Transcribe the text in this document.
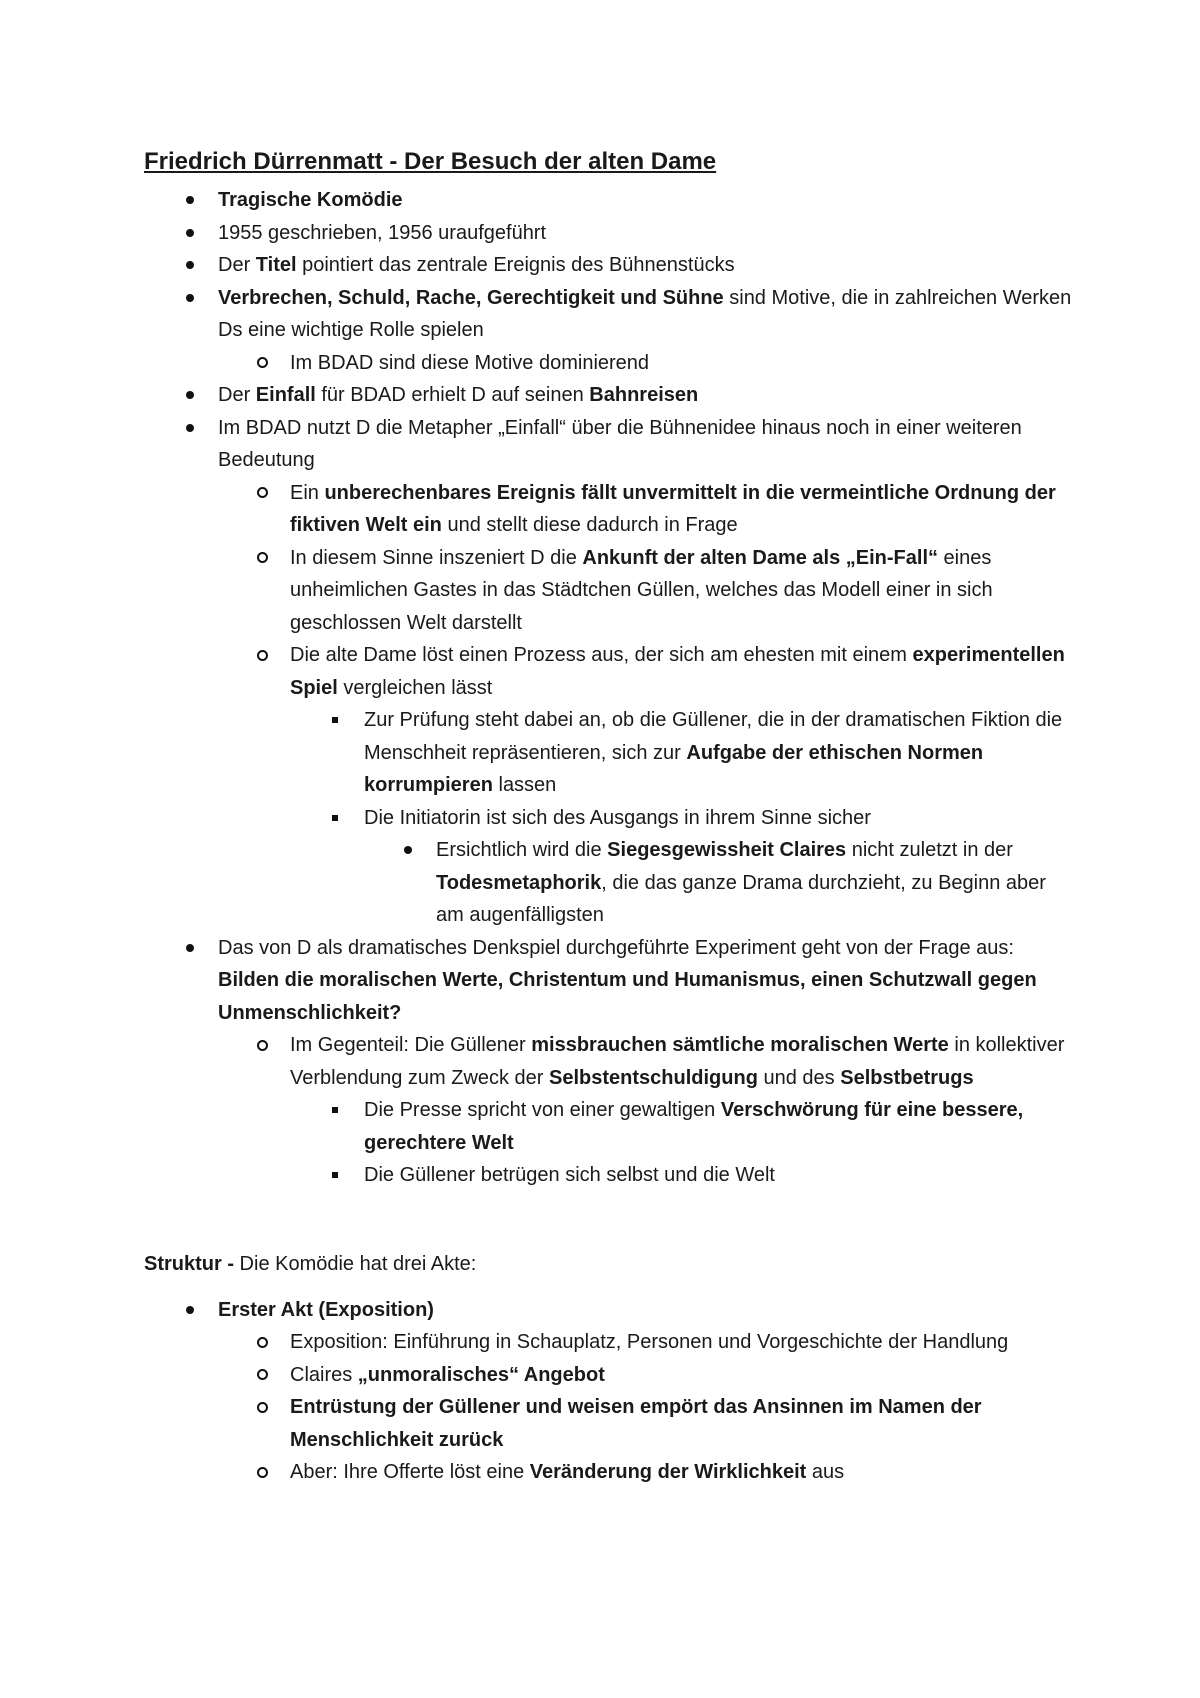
Friedrich Dürrenmatt - Der Besuch der alten Dame
Tragische Komödie
1955 geschrieben, 1956 uraufgeführt
Der Titel pointiert das zentrale Ereignis des Bühnenstücks
Verbrechen, Schuld, Rache, Gerechtigkeit und Sühne sind Motive, die in zahlreichen Werken Ds eine wichtige Rolle spielen
Im BDAD sind diese Motive dominierend
Der Einfall für BDAD erhielt D auf seinen Bahnreisen
Im BDAD nutzt D die Metapher „Einfall“ über die Bühnenidee hinaus noch in einer weiteren Bedeutung
Ein unberechenbares Ereignis fällt unvermittelt in die vermeintliche Ordnung der fiktiven Welt ein und stellt diese dadurch in Frage
In diesem Sinne inszeniert D die Ankunft der alten Dame als „Ein-Fall“ eines unheimlichen Gastes in das Städtchen Güllen, welches das Modell einer in sich geschlossen Welt darstellt
Die alte Dame löst einen Prozess aus, der sich am ehesten mit einem experimentellen Spiel vergleichen lässt
Zur Prüfung steht dabei an, ob die Güllener, die in der dramatischen Fiktion die Menschheit repräsentieren, sich zur Aufgabe der ethischen Normen korrumpieren lassen
Die Initiatorin ist sich des Ausgangs in ihrem Sinne sicher
Ersichtlich wird die Siegesgewissheit Claires nicht zuletzt in der Todesmetaphorik, die das ganze Drama durchzieht, zu Beginn aber am augenfälligsten
Das von D als dramatisches Denkspiel durchgeführte Experiment geht von der Frage aus: Bilden die moralischen Werte, Christentum und Humanismus, einen Schutzwall gegen Unmenschlichkeit?
Im Gegenteil: Die Güllener missbrauchen sämtliche moralischen Werte in kollektiver Verblendung zum Zweck der Selbstentschuldigung und des Selbstbetrugs
Die Presse spricht von einer gewaltigen Verschwörung für eine bessere, gerechtere Welt
Die Güllener betrügen sich selbst und die Welt
Struktur - Die Komödie hat drei Akte:
Erster Akt (Exposition)
Exposition: Einführung in Schauplatz, Personen und Vorgeschichte der Handlung
Claires „unmoralisches“ Angebot
Entrüstung der Güllener und weisen empört das Ansinnen im Namen der Menschlichkeit zurück
Aber: Ihre Offerte löst eine Veränderung der Wirklichkeit aus
